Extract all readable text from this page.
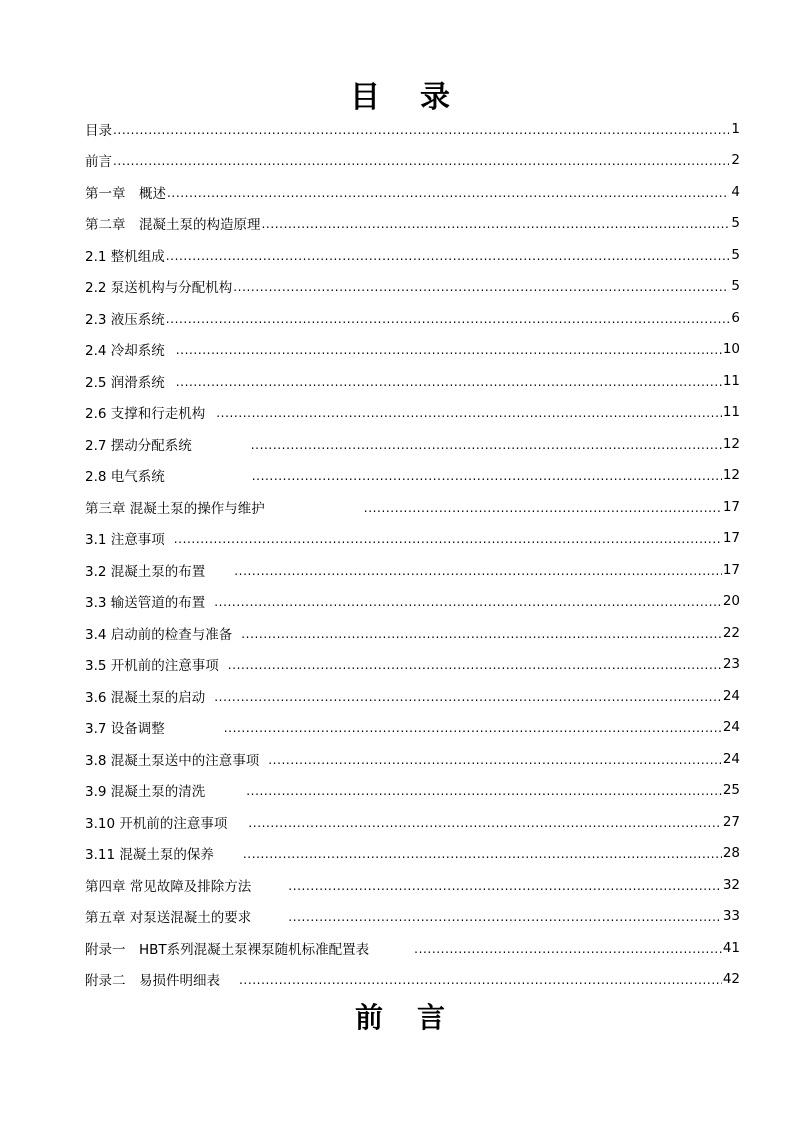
目 录
目录 .....	1
前言 .....	2
第一章　概述 .....	4
第二章　混凝土泵的构造原理 .....	5
2.1 整机组成 .....	5
2.2 泵送机构与分配机构 .....	5
2.3 液压系统 .....	6
2.4 冷却系统 .....	10
2.5 润滑系统 .....	11
2.6 支撑和行走机构 .....	11
2.7 摆动分配系统 .....	12
2.8 电气系统 .....	12
第三章 混凝土泵的操作与维护 .....	17
3.1 注意事项 .....	17
3.2 混凝土泵的布置 .....	17
3.3 输送管道的布置 .....	20
3.4 启动前的检查与准备 .....	22
3.5 开机前的注意事项 .....	23
3.6 混凝土泵的启动 .....	24
3.7 设备调整 .....	24
3.8 混凝土泵送中的注意事项 .....	24
3.9 混凝土泵的清洗 .....	25
3.10 开机前的注意事项 .....	27
3.11 混凝土泵的保养 .....	28
第四章 常见故障及排除方法 .....	32
第五章 对泵送混凝土的要求 .....	33
附录一　HBT系列混凝土泵裸泵随机标准配置表 .....	41
附录二　易损件明细表 .....	42
前 言
